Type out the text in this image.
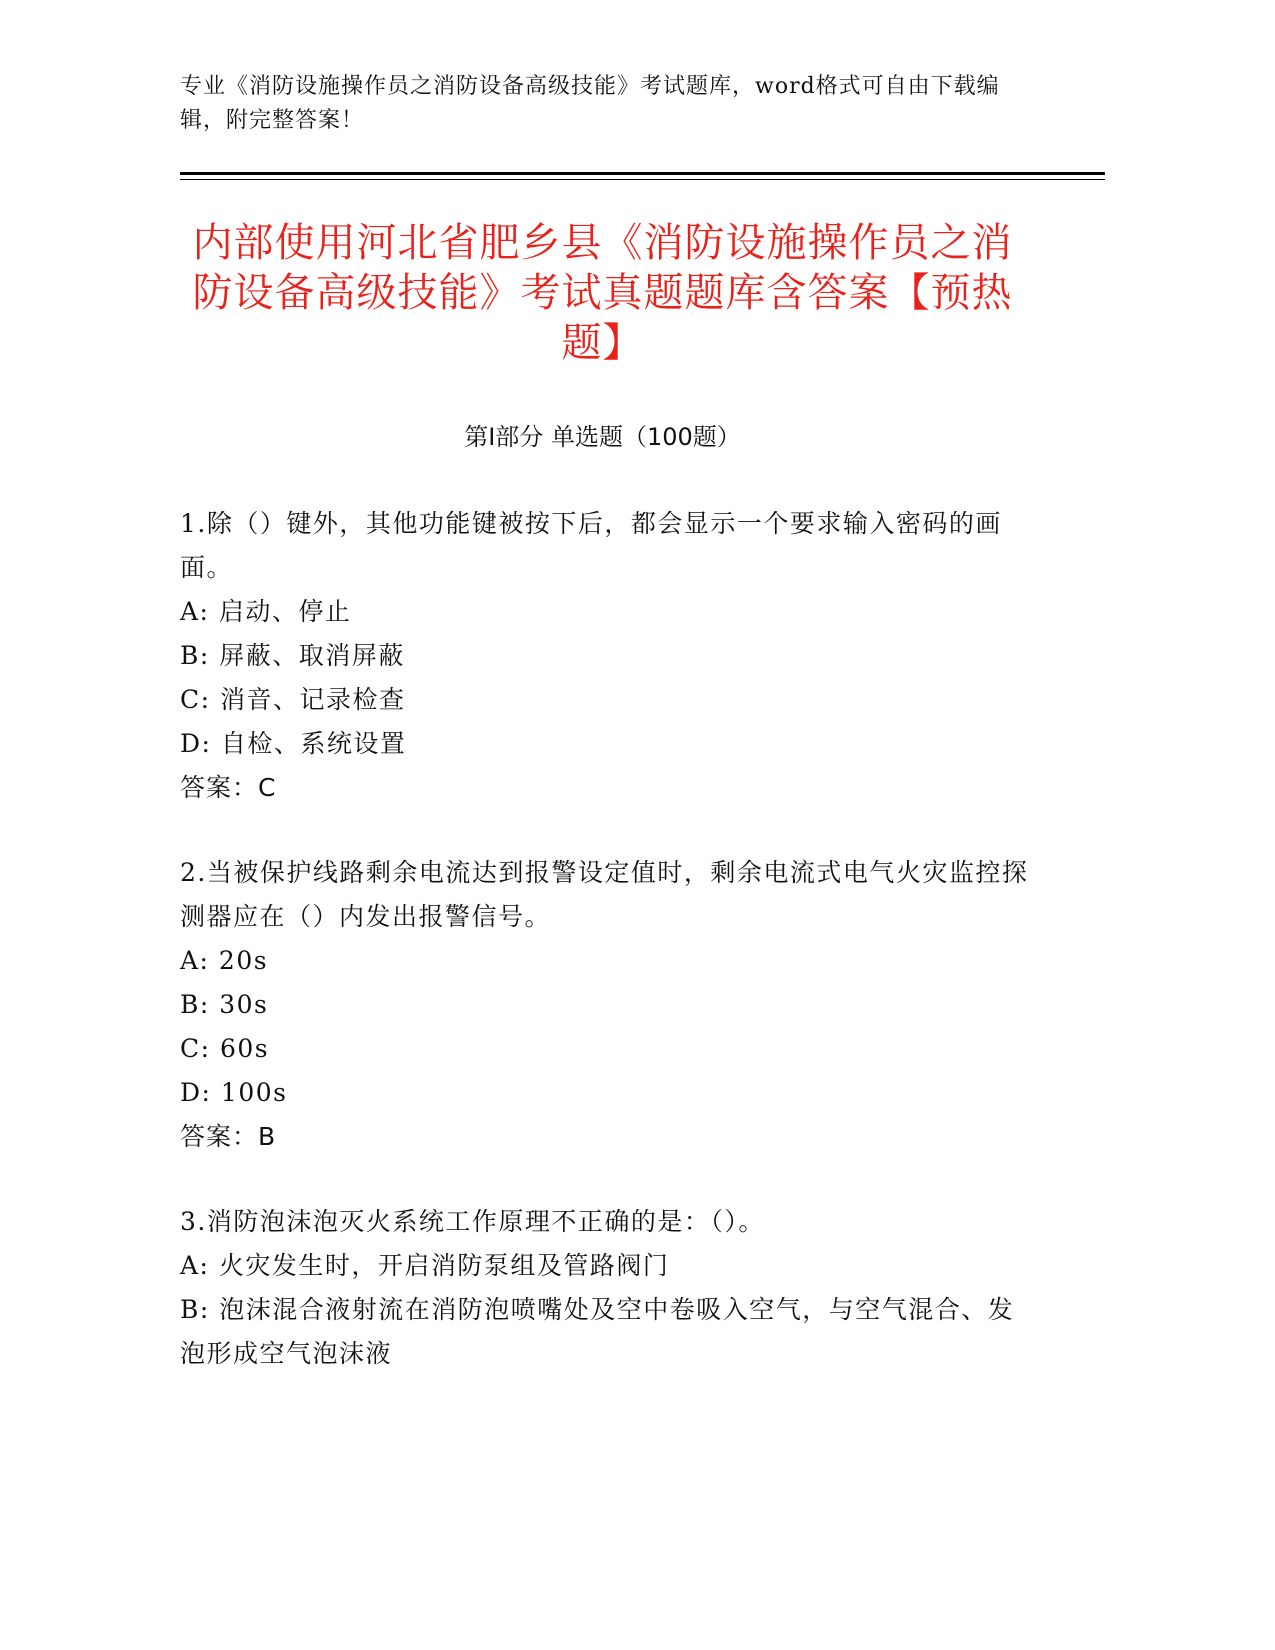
专业《消防设施操作员之消防设备高级技能》考试题库，word格式可自由下载编辑，附完整答案！
内部使用河北省肥乡县《消防设施操作员之消防设备高级技能》考试真题题库含答案【预热题】
第Ⅰ部分 单选题（100题）

1.除（）键外，其他功能键被按下后，都会显示一个要求输入密码的画面。

A: 启动、停止

B: 屏蔽、取消屏蔽

C: 消音、记录检查

D: 自检、系统设置

答案：C

2.当被保护线路剩余电流达到报警设定值时，剩余电流式电气火灾监控探测器应在（）内发出报警信号。

A: 20s

B: 30s

C: 60s

D: 100s

答案：B

3.消防泡沫泡灭火系统工作原理不正确的是：（）。

A: 火灾发生时，开启消防泵组及管路阀门

B: 泡沫混合液射流在消防泡喷嘴处及空中卷吸入空气，与空气混合、发泡形成空气泡沫液
